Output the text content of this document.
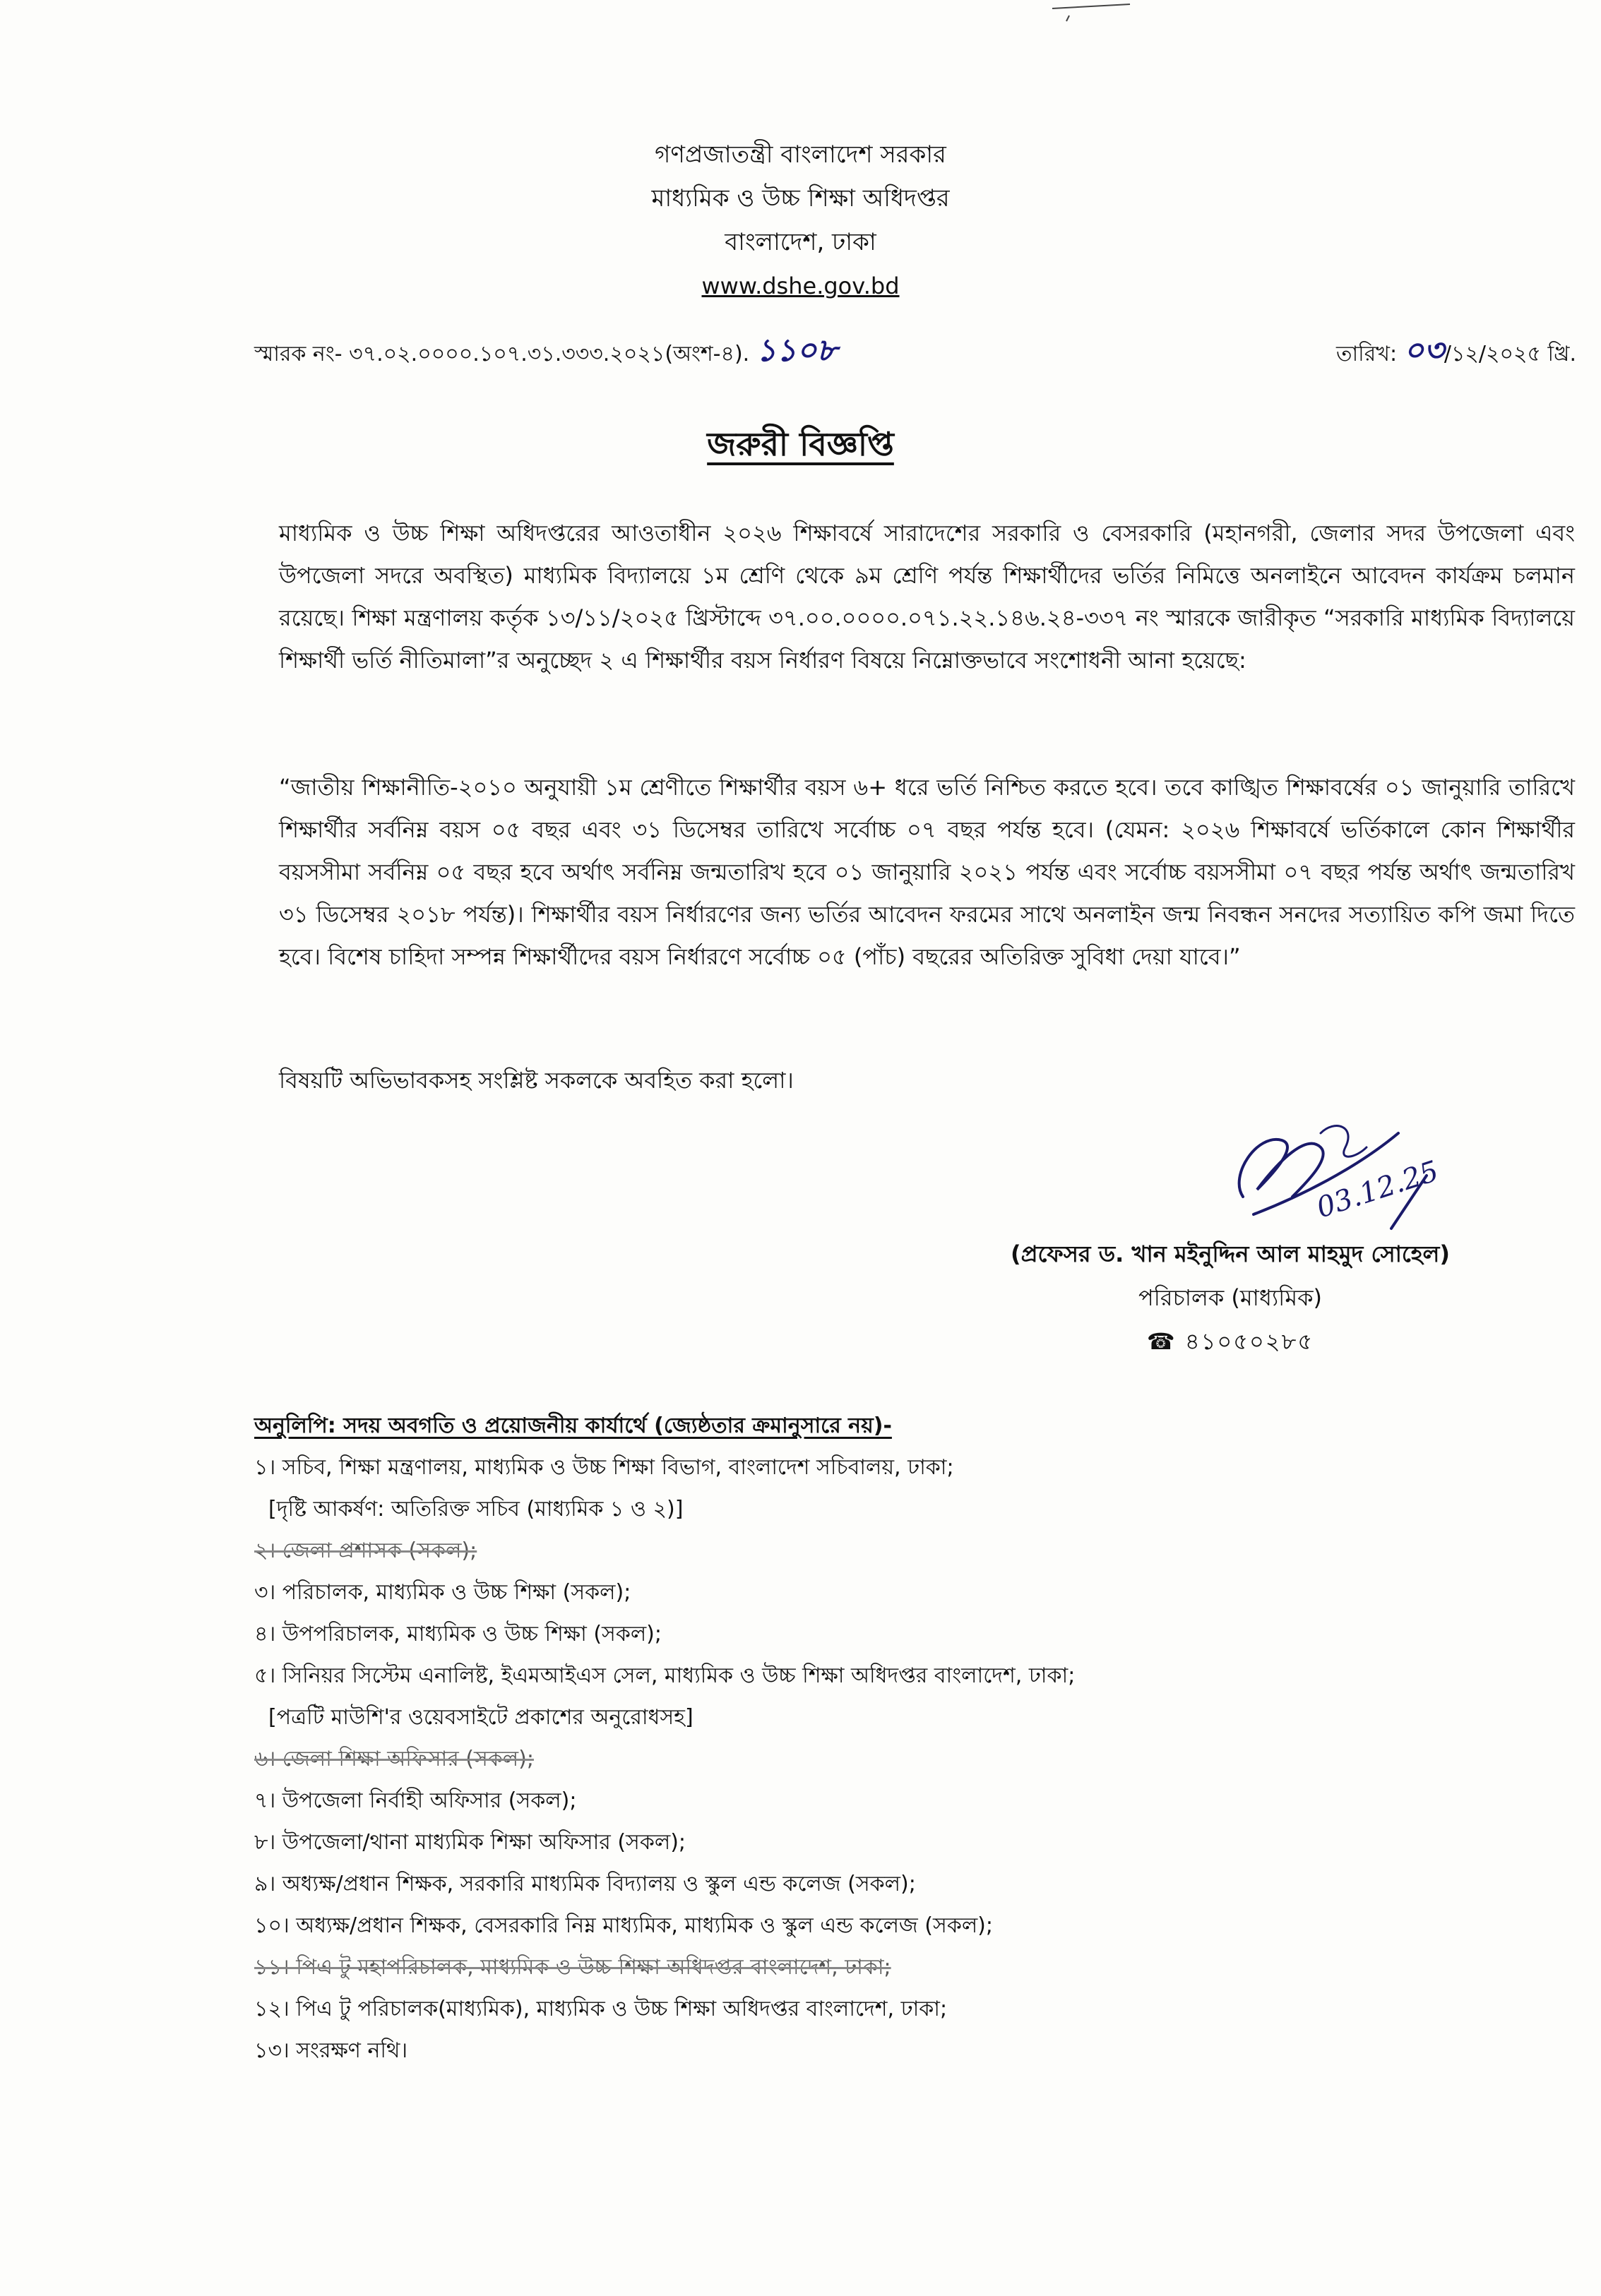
গণপ্রজাতন্ত্রী বাংলাদেশ সরকার
মাধ্যমিক ও উচ্চ শিক্ষা অধিদপ্তর
বাংলাদেশ, ঢাকা
www.dshe.gov.bd
স্মারক নং- ৩৭.০২.০০০০.১০৭.৩১.৩৩৩.২০২১(অংশ-৪). ১১০৮	তারিখ: ০৩/১২/২০২৫ খ্রি.
জরুরী বিজ্ঞপ্তি

মাধ্যমিক ও উচ্চ শিক্ষা অধিদপ্তরের আওতাধীন ২০২৬ শিক্ষাবর্ষে সারাদেশের সরকারি ও বেসরকারি (মহানগরী, জেলার সদর উপজেলা এবং উপজেলা সদরে অবস্থিত) মাধ্যমিক বিদ্যালয়ে ১ম শ্রেণি থেকে ৯ম শ্রেণি পর্যন্ত শিক্ষার্থীদের ভর্তির নিমিত্তে অনলাইনে আবেদন কার্যক্রম চলমান রয়েছে। শিক্ষা মন্ত্রণালয় কর্তৃক ১৩/১১/২০২৫ খ্রিস্টাব্দে ৩৭.০০.০০০০.০৭১.২২.১৪৬.২৪-৩৩৭ নং স্মারকে জারীকৃত “সরকারি মাধ্যমিক বিদ্যালয়ে শিক্ষার্থী ভর্তি নীতিমালা”র অনুচ্ছেদ ২ এ শিক্ষার্থীর বয়স নির্ধারণ বিষয়ে নিম্নোক্তভাবে সংশোধনী আনা হয়েছে:

“জাতীয় শিক্ষানীতি-২০১০ অনুযায়ী ১ম শ্রেণীতে শিক্ষার্থীর বয়স ৬+ ধরে ভর্তি নিশ্চিত করতে হবে। তবে কাঙ্খিত শিক্ষাবর্ষের ০১ জানুয়ারি তারিখে শিক্ষার্থীর সর্বনিম্ন বয়স ০৫ বছর এবং ৩১ ডিসেম্বর তারিখে সর্বোচ্চ ০৭ বছর পর্যন্ত হবে। (যেমন: ২০২৬ শিক্ষাবর্ষে ভর্তিকালে কোন শিক্ষার্থীর বয়সসীমা সর্বনিম্ন ০৫ বছর হবে অর্থাৎ সর্বনিম্ন জন্মতারিখ হবে ০১ জানুয়ারি ২০২১ পর্যন্ত এবং সর্বোচ্চ বয়সসীমা ০৭ বছর পর্যন্ত অর্থাৎ জন্মতারিখ ৩১ ডিসেম্বর ২০১৮ পর্যন্ত)। শিক্ষার্থীর বয়স নির্ধারণের জন্য ভর্তির আবেদন ফরমের সাথে অনলাইন জন্ম নিবন্ধন সনদের সত্যায়িত কপি জমা দিতে হবে। বিশেষ চাহিদা সম্পন্ন শিক্ষার্থীদের বয়স নির্ধারণে সর্বোচ্চ ০৫ (পাঁচ) বছরের অতিরিক্ত সুবিধা দেয়া যাবে।”

বিষয়টি অভিভাবকসহ সংশ্লিষ্ট সকলকে অবহিত করা হলো।

03.12.25
(প্রফেসর ড. খান মইনুদ্দিন আল মাহমুদ সোহেল)
পরিচালক (মাধ্যমিক)
☎ ৪১০৫০২৮৫
অনুলিপি: সদয় অবগতি ও প্রয়োজনীয় কার্যার্থে (জ্যেষ্ঠতার ক্রমানুসারে নয়)-
১। সচিব, শিক্ষা মন্ত্রণালয়, মাধ্যমিক ও উচ্চ শিক্ষা বিভাগ, বাংলাদেশ সচিবালয়, ঢাকা;
[দৃষ্টি আকর্ষণ: অতিরিক্ত সচিব (মাধ্যমিক ১ ও ২)]
২। জেলা প্রশাসক (সকল);
৩। পরিচালক, মাধ্যমিক ও উচ্চ শিক্ষা (সকল);
৪। উপপরিচালক, মাধ্যমিক ও উচ্চ শিক্ষা (সকল);
৫। সিনিয়র সিস্টেম এনালিষ্ট, ইএমআইএস সেল, মাধ্যমিক ও উচ্চ শিক্ষা অধিদপ্তর বাংলাদেশ, ঢাকা;
[পত্রটি মাউশি'র ওয়েবসাইটে প্রকাশের অনুরোধসহ]
৬। জেলা শিক্ষা অফিসার (সকল);
৭। উপজেলা নির্বাহী অফিসার (সকল);
৮। উপজেলা/থানা মাধ্যমিক শিক্ষা অফিসার (সকল);
৯। অধ্যক্ষ/প্রধান শিক্ষক, সরকারি মাধ্যমিক বিদ্যালয় ও স্কুল এন্ড কলেজ (সকল);
১০। অধ্যক্ষ/প্রধান শিক্ষক, বেসরকারি নিম্ন মাধ্যমিক, মাধ্যমিক ও স্কুল এন্ড কলেজ (সকল);
১১। পিএ টু মহাপরিচালক, মাধ্যমিক ও উচ্চ শিক্ষা অধিদপ্তর বাংলাদেশ, ঢাকা;
১২। পিএ টু পরিচালক(মাধ্যমিক), মাধ্যমিক ও উচ্চ শিক্ষা অধিদপ্তর বাংলাদেশ, ঢাকা;
১৩। সংরক্ষণ নথি।
